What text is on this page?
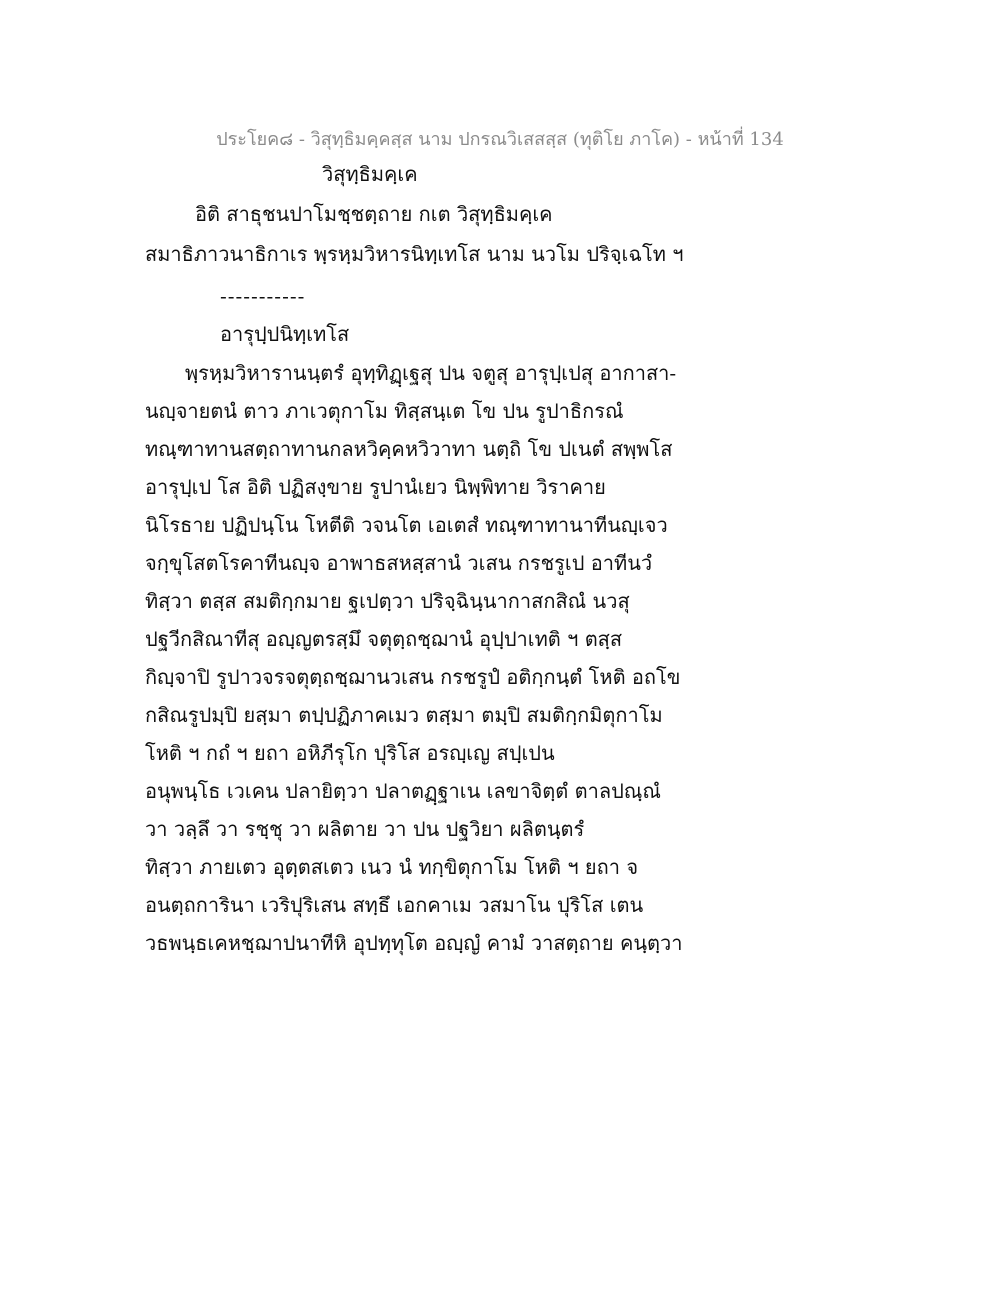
ประโยค๘ - วิสุทฺธิมคฺคสฺส นาม ปกรณวิเสสสฺส (ทุติโย ภาโค) - หน้าที่ 134
วิสุทฺธิมคฺเค
อิติ สาธุชนปาโมชฺชตฺถาย กเต วิสุทฺธิมคฺเค
สมาธิภาวนาธิกาเร พฺรหฺมวิหารนิทฺเทโส นาม นวโม ปริจฺเฉโท ฯ
-----------
อารุปฺปนิทฺเทโส
พฺรหฺมวิหารานนฺตรํ อุทฺทิฏฺเฐสุ ปน จตูสุ อารุปฺเปสุ อากาสา-
นญฺจายตนํ ตาว ภาเวตุกาโม ทิสฺสนฺเต โข ปน รูปาธิกรณํ
ทณฺฑาทานสตฺถาทานกลหวิคฺคหวิวาทา นตฺถิ โข ปเนตํ สพฺพโส
อารุปฺเป โส อิติ ปฏิสงฺขาย รูปานํเยว นิพฺพิทาย วิราคาย
นิโรธาย ปฏิปนฺโน โหตีติ วจนโต เอเตสํ ทณฺฑาทานาทีนญฺเจว
จกฺขุโสตโรคาทีนญฺจ อาพาธสหสฺสานํ วเสน กรชรูเป อาทีนวํ
ทิสฺวา ตสฺส สมติกฺกมาย ฐเปตฺวา ปริจฺฉินฺนากาสกสิณํ นวสุ
ปฐวีกสิณาทีสุ อญฺญตรสฺมึ จตุตฺถชฺฌานํ อุปฺปาเทติ ฯ ตสฺส
กิญฺจาปิ รูปาวจรจตุตฺถชฺฌานวเสน กรชรูปํ อติกฺกนฺตํ โหติ อถโข
กสิณรูปมฺปิ ยสฺมา ตปฺปฏิภาคเมว ตสฺมา ตมฺปิ สมติกฺกมิตุกาโม
โหติ ฯ กถํ ฯ ยถา อหิภีรุโก ปุริโส อรญฺเญ สปฺเปน
อนุพนฺโธ เวเคน ปลายิตฺวา ปลาตฏฺฐาเน เลขาจิตฺตํ ตาลปณฺณํ
วา วลฺลึ วา รชฺชุ วา ผลิตาย วา ปน ปฐวิยา ผลิตนฺตรํ
ทิสฺวา ภายเตว อุตฺตสเตว เนว นํ ทกฺขิตุกาโม โหติ ฯ ยถา จ
อนตฺถการินา เวริปุริเสน สทฺธึ เอกคาเม วสมาโน ปุริโส เตน
วธพนฺธเคหชฺฌาปนาทีหิ อุปทฺทุโต อญฺญํ คามํ วาสตฺถาย คนฺตฺวา
